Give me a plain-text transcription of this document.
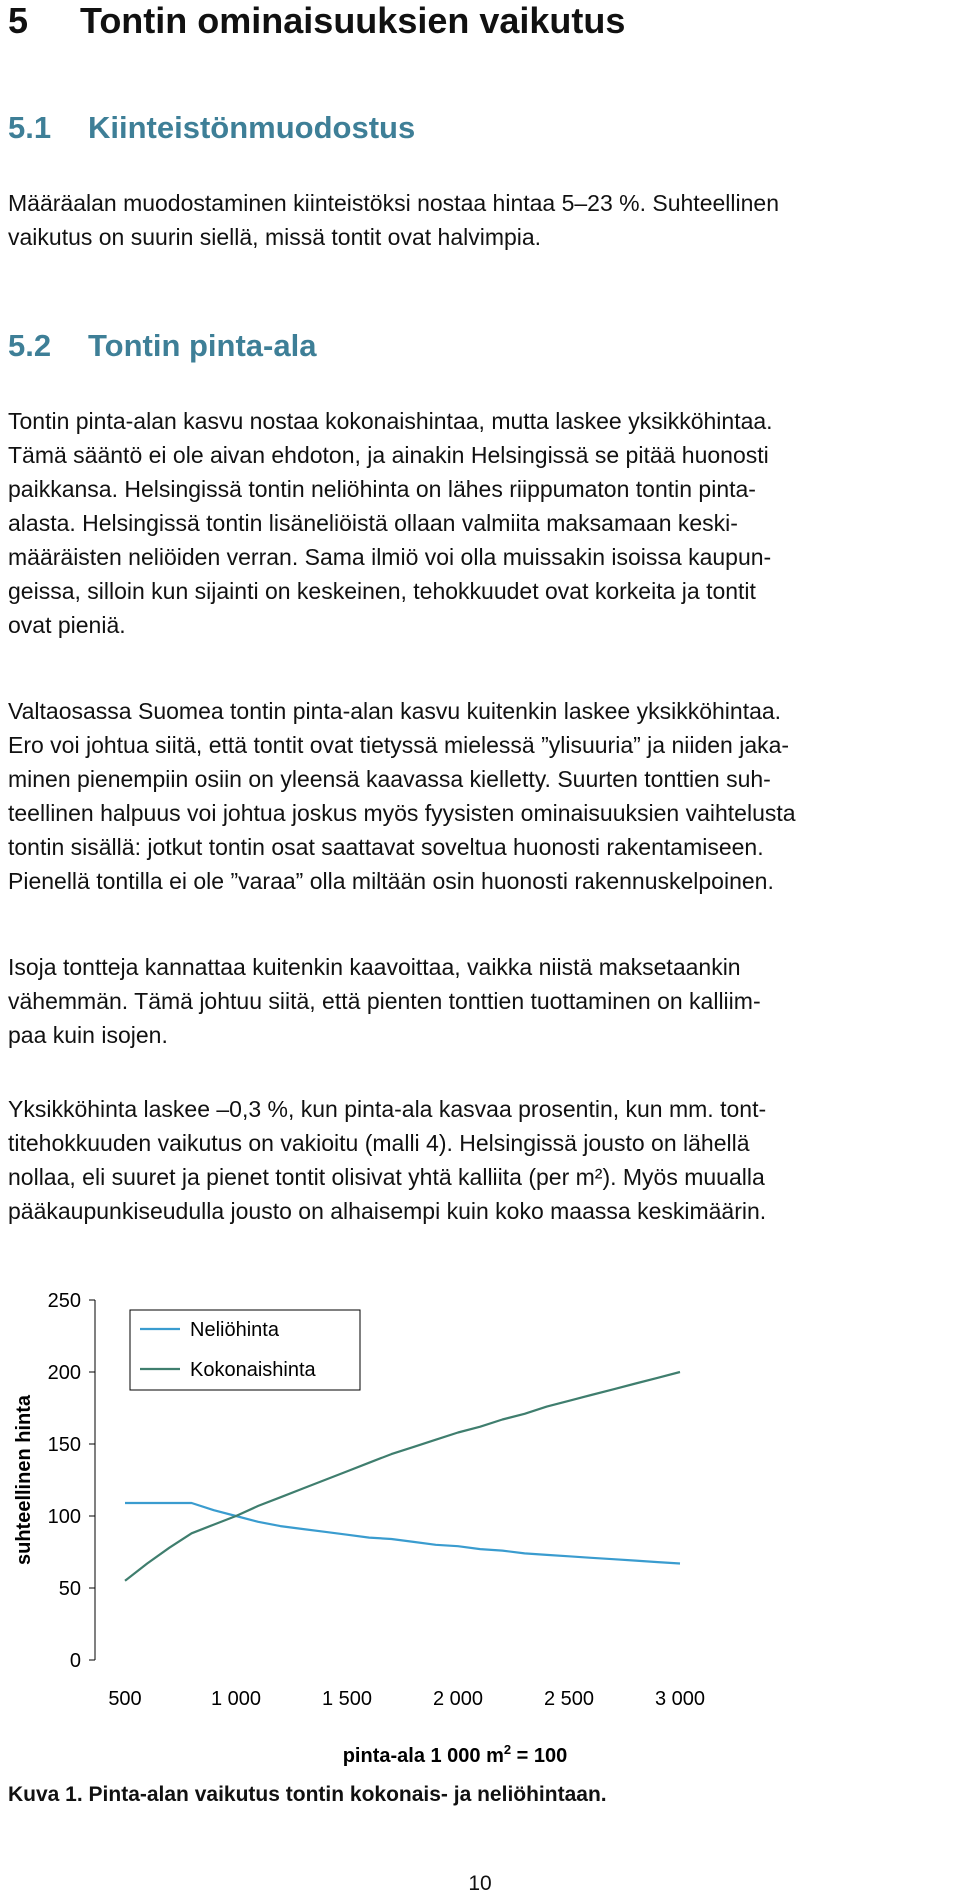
5 Tontin ominaisuuksien vaikutus
5.1 Kiinteistönmuodostus

Määräalan muodostaminen kiinteistöksi nostaa hintaa 5–23 %. Suhteellinen
vaikutus on suurin siellä, missä tontit ovat halvimpia.

5.2 Tontin pinta-ala

Tontin pinta-alan kasvu nostaa kokonaishintaa, mutta laskee yksikköhintaa.
Tämä sääntö ei ole aivan ehdoton, ja ainakin Helsingissä se pitää huonosti
paikkansa. Helsingissä tontin neliöhinta on lähes riippumaton tontin pinta-
alasta. Helsingissä tontin lisäneliöistä ollaan valmiita maksamaan keski-
määräisten neliöiden verran. Sama ilmiö voi olla muissakin isoissa kaupun-
geissa, silloin kun sijainti on keskeinen, tehokkuudet ovat korkeita ja tontit
ovat pieniä.

Valtaosassa Suomea tontin pinta-alan kasvu kuitenkin laskee yksikköhintaa.
Ero voi johtua siitä, että tontit ovat tietyssä mielessä ”ylisuuria” ja niiden jaka-
minen pienempiin osiin on yleensä kaavassa kielletty. Suurten tonttien suh-
teellinen halpuus voi johtua joskus myös fyysisten ominaisuuksien vaihtelusta
tontin sisällä: jotkut tontin osat saattavat soveltua huonosti rakentamiseen.
Pienellä tontilla ei ole ”varaa” olla miltään osin huonosti rakennuskelpoinen.

Isoja tontteja kannattaa kuitenkin kaavoittaa, vaikka niistä maksetaankin
vähemmän. Tämä johtuu siitä, että pienten tonttien tuottaminen on kalliim-
paa kuin isojen.

Yksikköhinta laskee –0,3 %, kun pinta-ala kasvaa prosentin, kun mm. tont-
titehokkuuden vaikutus on vakioitu (malli 4). Helsingissä jousto on lähellä
nollaa, eli suuret ja pienet tontit olisivat yhtä kalliita (per m²). Myös muualla
pääkaupunkiseudulla jousto on alhaisempi kuin koko maassa keskimäärin.

0
50
100
150
200
250
500	1 000	1 500	2 000	2 500	3 000
suhteellinen hinta
pinta-ala 1 000 $m^2 = 100$
Neliöhinta
Kokonaishinta

Kuva 1. Pinta-alan vaikutus tontin kokonais- ja neliöhintaan.

10
